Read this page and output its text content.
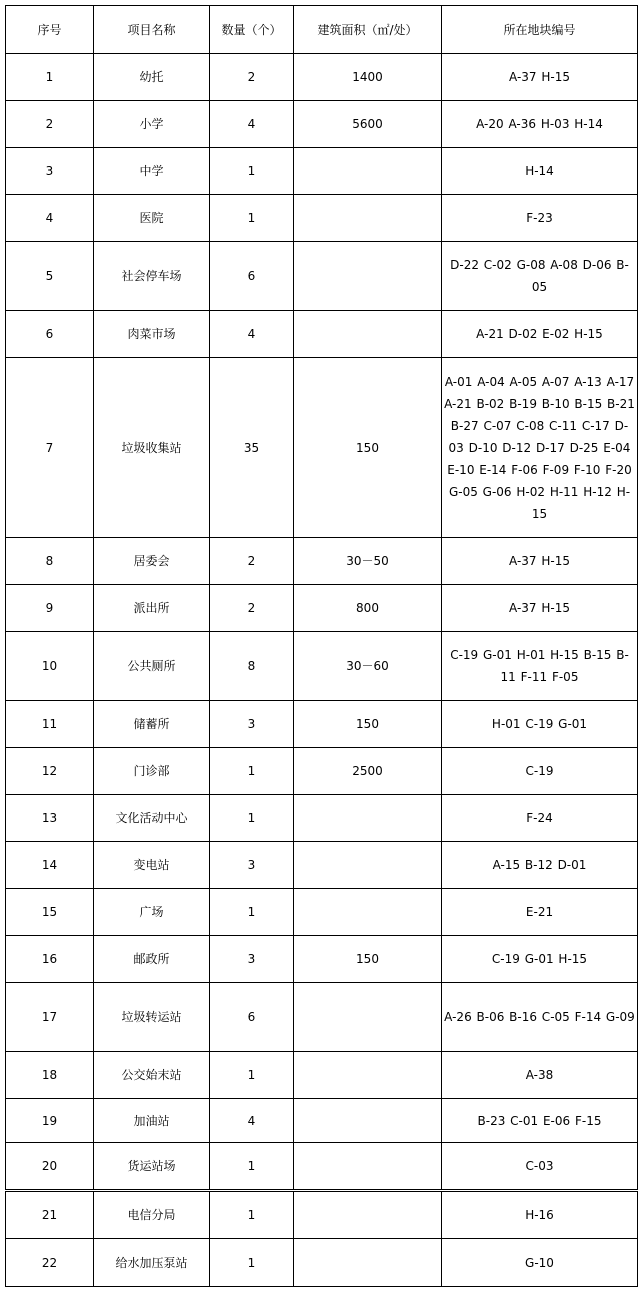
序号	项目名称	数量（个）	建筑面积（㎡/处）	所在地块编号
1	幼托	2	1400	A-37 H-15
2	小学	4	5600	A-20 A-36 H-03 H-14
3	中学	1		H-14
4	医院	1		F-23
5	社会停车场	6		D-22 C-02 G-08 A-08 D-06 B-05
6	肉菜市场	4		A-21 D-02 E-02 H-15
7	垃圾收集站	35	150	A-01 A-04 A-05 A-07 A-13 A-17 A-21 B-02 B-19 B-10 B-15 B-21 B-27 C-07 C-08 C-11 C-17 D-03 D-10 D-12 D-17 D-25 E-04 E-10 E-14 F-06 F-09 F-10 F-20 G-05 G-06 H-02 H-11 H-12 H-15
8	居委会	2	30－50	A-37 H-15
9	派出所	2	800	A-37 H-15
10	公共厕所	8	30－60	C-19 G-01 H-01 H-15 B-15 B-11 F-11 F-05
11	储蓄所	3	150	H-01 C-19 G-01
12	门诊部	1	2500	C-19
13	文化活动中心	1		F-24
14	变电站	3		A-15 B-12 D-01
15	广场	1		E-21
16	邮政所	3	150	C-19 G-01 H-15
17	垃圾转运站	6		A-26 B-06 B-16 C-05 F-14 G-09
18	公交始末站	1		A-38
19	加油站	4		B-23 C-01 E-06 F-15
20	货运站场	1		C-03
21	电信分局	1		H-16
22	给水加压泵站	1		G-10
